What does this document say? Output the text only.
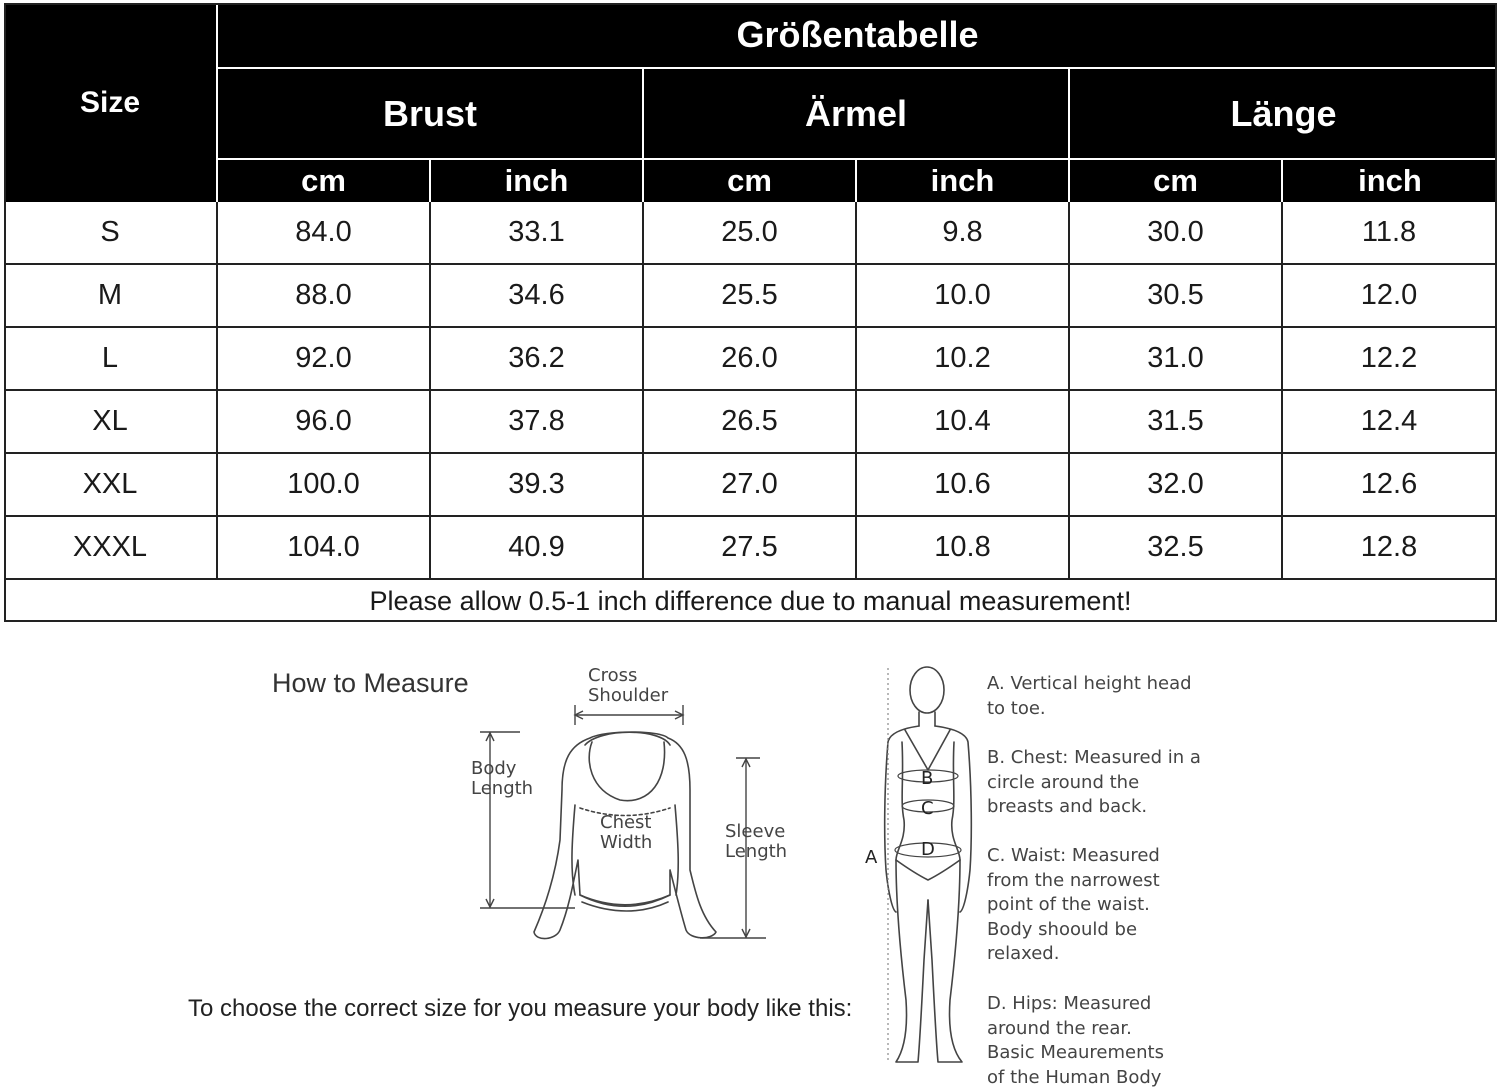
Size
Größentabelle
Brust	Ärmel	Länge
cm	inch	cm	inch	cm	inch
S	84.0	33.1	25.0	9.8	30.0	11.8
M	88.0	34.6	25.5	10.0	30.5	12.0
L	92.0	36.2	26.0	10.2	31.0	12.2
XL	96.0	37.8	26.5	10.4	31.5	12.4
XXL	100.0	39.3	27.0	10.6	32.0	12.6
XXXL	104.0	40.9	27.5	10.8	32.5	12.8
Please allow 0.5-1 inch difference due to manual measurement!
How to Measure	Cross
Shoulder
Body
Length
Chest
Width
Sleeve
Length
B
C
D
A
A. Vertical height head
to toe.
B. Chest: Measured in a
circle around the
breasts and back.
C. Waist: Measured
from the narrowest
point of the waist.
Body shoould be
relaxed.
D. Hips: Measured
around the rear.
Basic Meaurements
of the Human Body
To choose the correct size for you measure your body like this:
